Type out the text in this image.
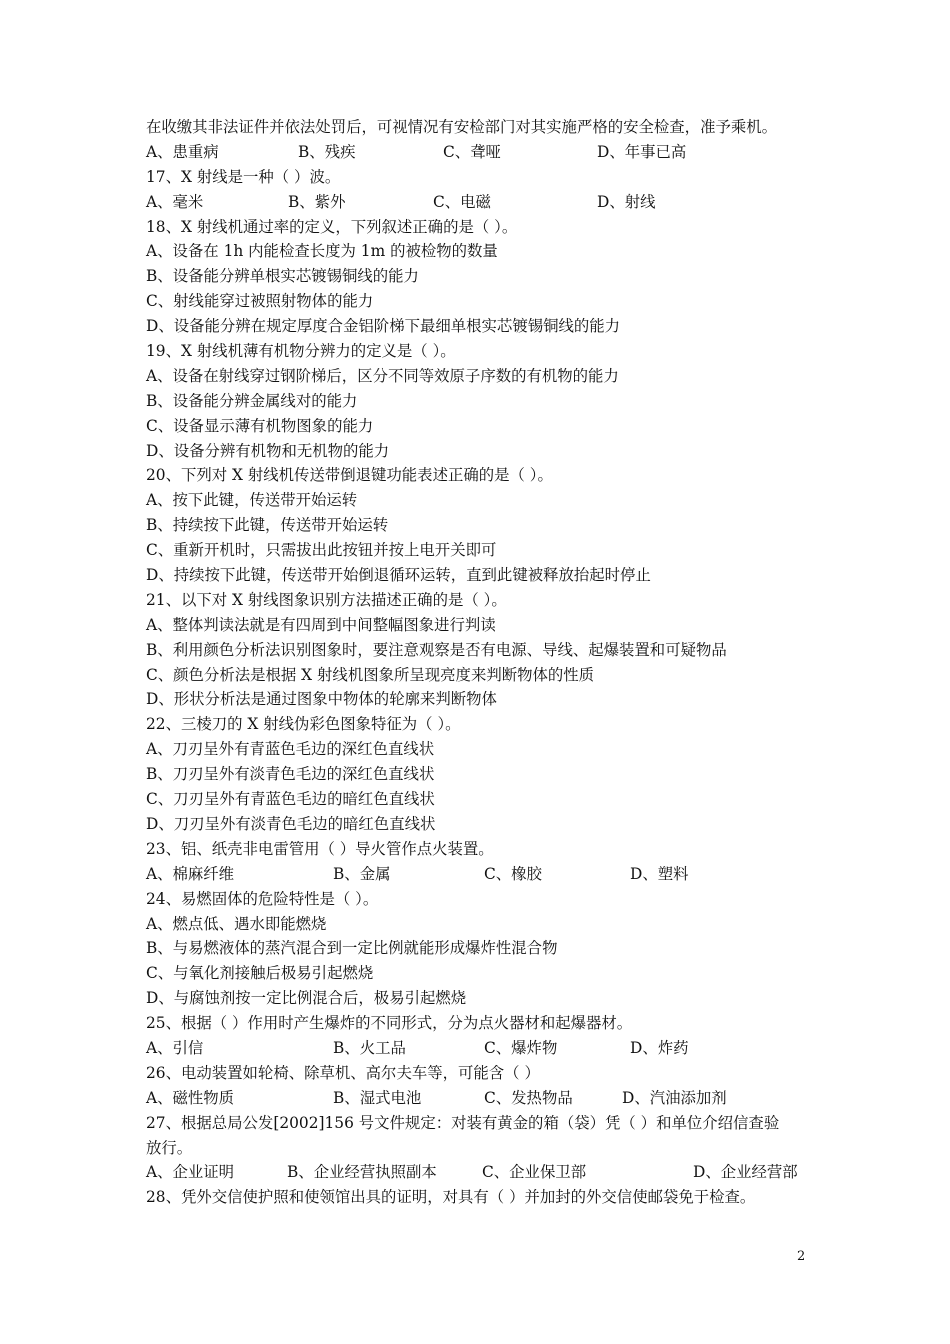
在收缴其非法证件并依法处罚后，可视情况有安检部门对其实施严格的安全检查，准予乘机。
A、患重病	B、残疾	C、聋哑	D、年事已高
17、X 射线是一种（ ）波。
A、毫米	B、紫外	C、电磁	D、射线
18、X 射线机通过率的定义，下列叙述正确的是（ ）。
A、设备在 1h 内能检查长度为 1m 的被检物的数量
B、设备能分辨单根实芯镀锡铜线的能力
C、射线能穿过被照射物体的能力
D、设备能分辨在规定厚度合金铝阶梯下最细单根实芯镀锡铜线的能力
19、X 射线机薄有机物分辨力的定义是（ ）。
A、设备在射线穿过钢阶梯后，区分不同等效原子序数的有机物的能力
B、设备能分辨金属线对的能力
C、设备显示薄有机物图象的能力
D、设备分辨有机物和无机物的能力
20、下列对 X 射线机传送带倒退键功能表述正确的是（ ）。
A、按下此键，传送带开始运转
B、持续按下此键，传送带开始运转
C、重新开机时，只需拔出此按钮并按上电开关即可
D、持续按下此键，传送带开始倒退循环运转，直到此键被释放抬起时停止
21、以下对 X 射线图象识别方法描述正确的是（ ）。
A、整体判读法就是有四周到中间整幅图象进行判读
B、利用颜色分析法识别图象时，要注意观察是否有电源、导线、起爆装置和可疑物品
C、颜色分析法是根据 X 射线机图象所呈现亮度来判断物体的性质
D、形状分析法是通过图象中物体的轮廓来判断物体
22、三棱刀的 X 射线伪彩色图象特征为（ ）。
A、刀刃呈外有青蓝色毛边的深红色直线状
B、刀刃呈外有淡青色毛边的深红色直线状
C、刀刃呈外有青蓝色毛边的暗红色直线状
D、刀刃呈外有淡青色毛边的暗红色直线状
23、铝、纸壳非电雷管用（ ）导火管作点火装置。
A、棉麻纤维	B、金属	C、橡胶	D、塑料
24、易燃固体的危险特性是（ ）。
A、燃点低、遇水即能燃烧
B、与易燃液体的蒸汽混合到一定比例就能形成爆炸性混合物
C、与氧化剂接触后极易引起燃烧
D、与腐蚀剂按一定比例混合后，极易引起燃烧
25、根据（ ）作用时产生爆炸的不同形式，分为点火器材和起爆器材。
A、引信	B、火工品	C、爆炸物	D、炸药
26、电动装置如轮椅、除草机、高尔夫车等，可能含（ ）
A、磁性物质	B、湿式电池	C、发热物品	D、汽油添加剂
27、根据总局公发[2002]156 号文件规定：对装有黄金的箱（袋）凭（ ）和单位介绍信查验
放行。
A、企业证明	B、企业经营执照副本	C、企业保卫部	D、企业经营部
28、凭外交信使护照和使领馆出具的证明，对具有（ ）并加封的外交信使邮袋免于检查。
2
